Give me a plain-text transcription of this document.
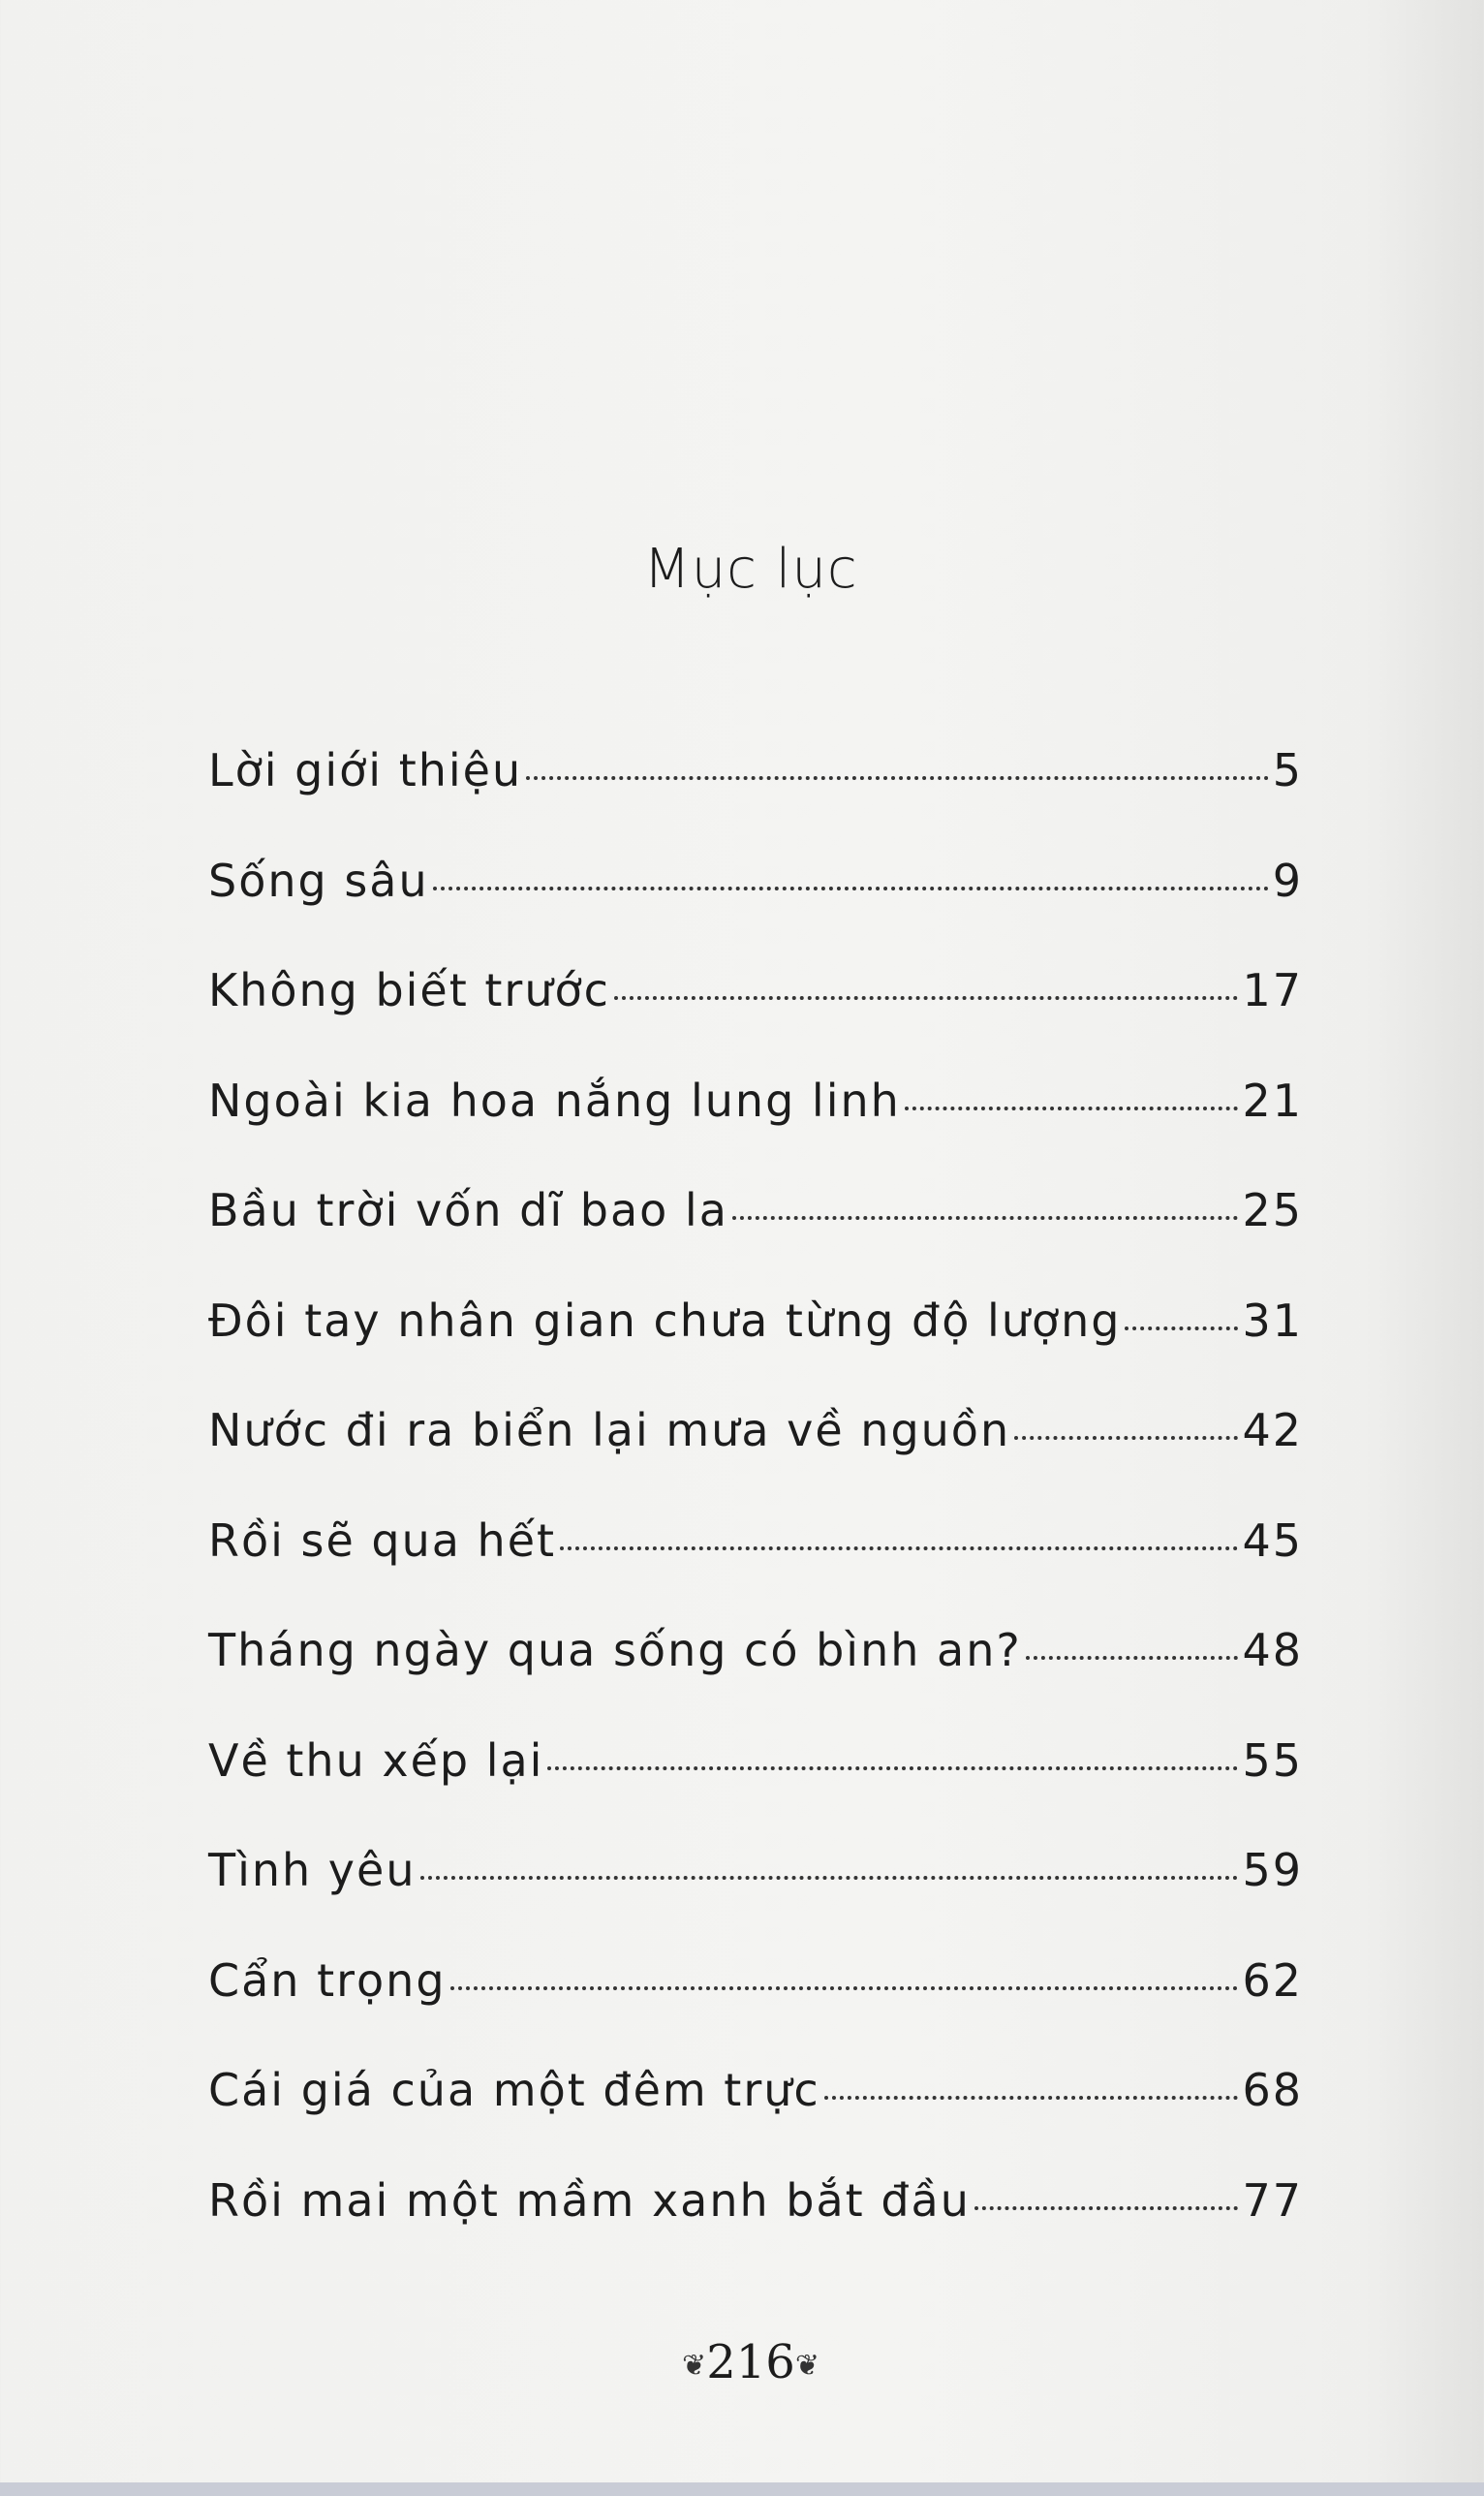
Mục lục
Lời giới thiệu	5
Sống sâu	9
Không biết trước	17
Ngoài kia hoa nắng lung linh	21
Bầu trời vốn dĩ bao la	25
Đôi tay nhân gian chưa từng độ lượng	31
Nước đi ra biển lại mưa về nguồn	42
Rồi sẽ qua hết	45
Tháng ngày qua sống có bình an?	48
Về thu xếp lại	55
Tình yêu	59
Cẩn trọng	62
Cái giá của một đêm trực	68
Rồi mai một mầm xanh bắt đầu	77
❦216❦
